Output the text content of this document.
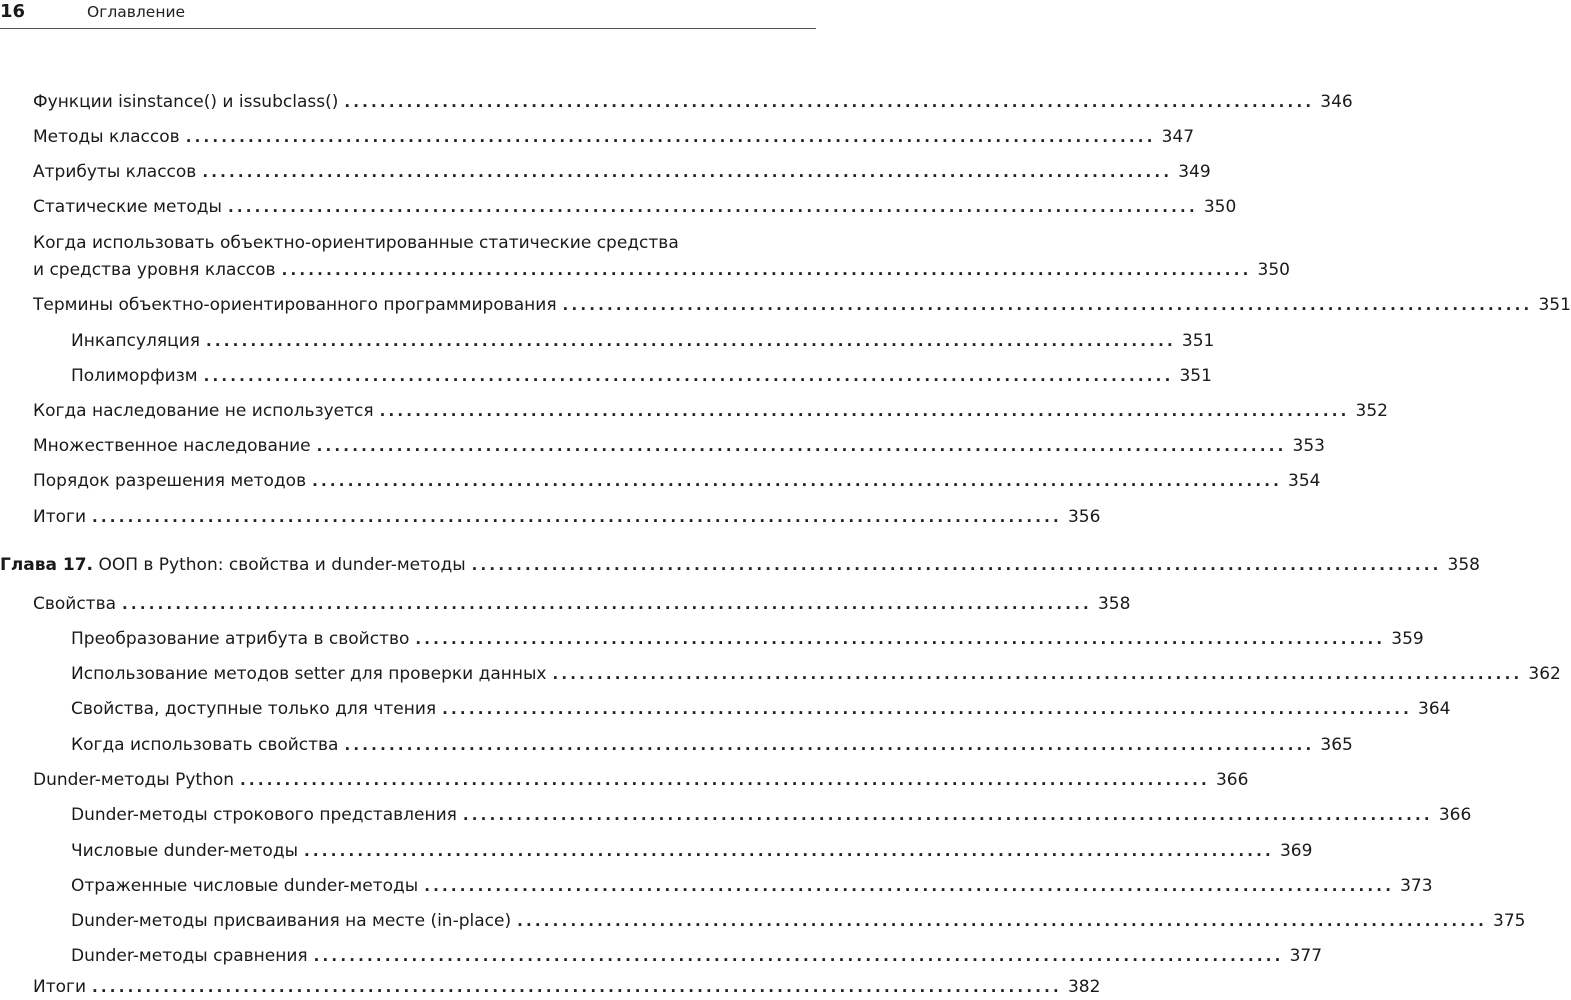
16	Оглавление
Функции isinstance() и issubclass() ............................................................................................................. 346
Методы классов ............................................................................................................. 347
Атрибуты классов ............................................................................................................. 349
Статические методы ............................................................................................................. 350
Когда использовать объектно-ориентированные статические средства
и средства уровня классов ............................................................................................................. 350
Термины объектно-ориентированного программирования ............................................................................................................. 351
Инкапсуляция ............................................................................................................. 351
Полиморфизм ............................................................................................................. 351
Когда наследование не используется ............................................................................................................. 352
Множественное наследование ............................................................................................................. 353
Порядок разрешения методов ............................................................................................................. 354
Итоги ............................................................................................................. 356
Глава 17. ООП в Python: свойства и dunder-методы ............................................................................................................. 358
Свойства ............................................................................................................. 358
Преобразование атрибута в свойство ............................................................................................................. 359
Использование методов setter для проверки данных ............................................................................................................. 362
Свойства, доступные только для чтения ............................................................................................................. 364
Когда использовать свойства ............................................................................................................. 365
Dunder-методы Python ............................................................................................................. 366
Dunder-методы строкового представления ............................................................................................................. 366
Числовые dunder-методы ............................................................................................................. 369
Отраженные числовые dunder-методы ............................................................................................................. 373
Dunder-методы присваивания на месте (in-place) ............................................................................................................. 375
Dunder-методы сравнения ............................................................................................................. 377
Итоги ............................................................................................................. 382
